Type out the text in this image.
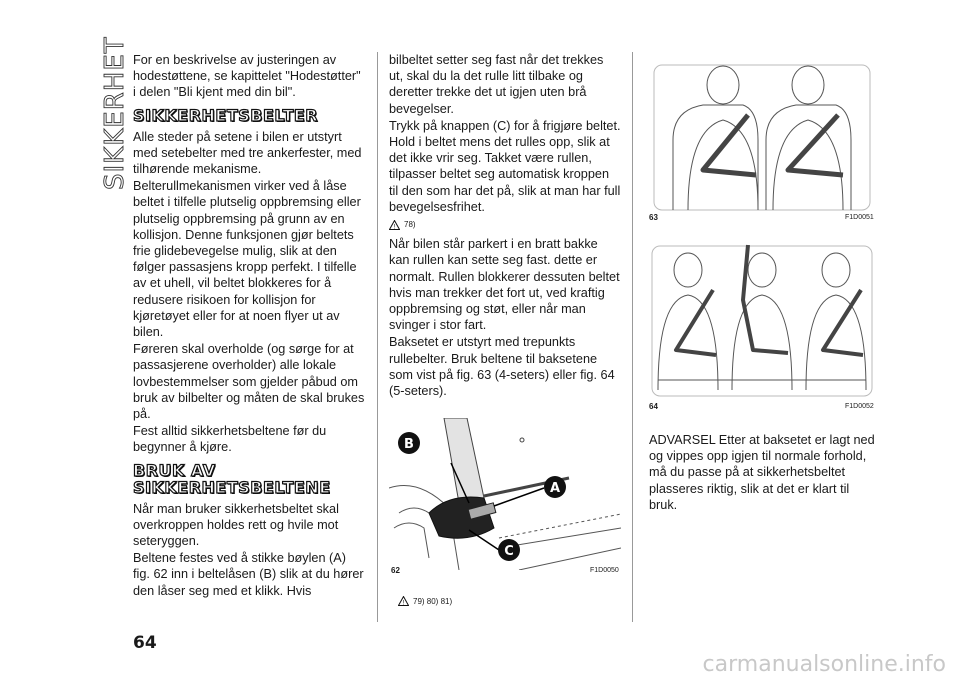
SIKKERHET For en beskrivelse av justeringen av hodestøttene, se kapittelet "Hodestøtter" i delen "Bli kjent med din bil".

SIKKERHETSBELTER

Alle steder på setene i bilen er utstyrt med setebelter med tre ankerfester, med tilhørende mekanisme.

Belterullmekanismen virker ved å låse beltet i tilfelle plutselig oppbremsing eller plutselig oppbremsing på grunn av en kollisjon. Denne funksjonen gjør beltets frie glidebevegelse mulig, slik at den følger passasjens kropp perfekt. I tilfelle av et uhell, vil beltet blokkeres for å redusere risikoen for kollisjon for kjøretøyet eller for at noen flyer ut av bilen.

Føreren skal overholde (og sørge for at passasjerene overholder) alle lokale lovbestemmelser som gjelder påbud om bruk av bilbelter og måten de skal brukes på.

Fest alltid sikkerhetsbeltene før du begynner å kjøre.

BRUK AV
SIKKERHETSBELTENE

Når man bruker sikkerhetsbeltet skal overkroppen holdes rett og hvile mot seteryggen.

Beltene festes ved å stikke bøylen (A) fig. 62 inn i beltelåsen (B) slik at du hører den låser seg med et klikk. Hvis

bilbeltet setter seg fast når det trekkes ut, skal du la det rulle litt tilbake og deretter trekke det ut igjen uten brå bevegelser.

Trykk på knappen (C) for å frigjøre beltet. Hold i beltet mens det rulles opp, slik at det ikke vrir seg. Takket være rullen, tilpasser beltet seg automatisk kroppen til den som har det på, slik at man har full bevegelsesfrihet.

! 78)

Når bilen står parkert i en bratt bakke kan rullen kan sette seg fast. dette er normalt. Rullen blokkerer dessuten beltet hvis man trekker det fort ut, ved kraftig oppbremsing og støt, eller når man svinger i stor fart.

Baksetet er utstyrt med trepunkts rullebelter. Bruk beltene til baksetene som vist på fig. 63 (4-seters) eller fig. 64 (5-seters).

B
A
C
62	F1D0050
! 79) 80) 81)
63	F1D0051
64	F1D0052

ADVARSEL Etter at baksetet er lagt ned og vippes opp igjen til normale forhold, må du passe på at sikkerhetsbeltet plasseres riktig, slik at det er klart til bruk.

64
carmanualsonline.info
